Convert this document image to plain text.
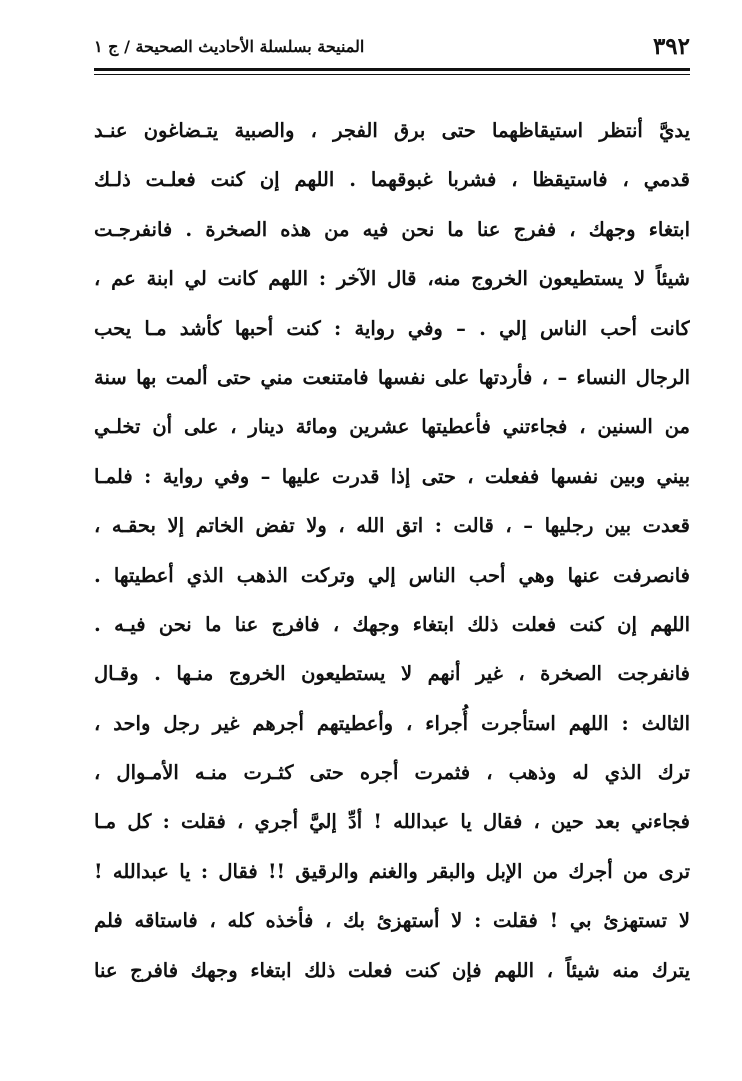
٣٩٢
المنيحة بسلسلة الأحاديث الصحيحة / ج ١
يديَّ أنتظر استيقاظهما حتى برق الفجر ، والصبية يتـضاغون عنـد
قدمي ، فاستيقظا ، فشربا غبوقهما . اللهم إن كنت فعلـت ذلـك
ابتغاء وجهك ، ففرج عنا ما نحن فيه من هذه الصخرة . فانفرجـت
شيئاً لا يستطيعون الخروج منه، قال الآخر : اللهم كانت لي ابنة عم ،
كانت أحب الناس إلي . – وفي رواية : كنت أحبها كأشد مـا يحب
الرجال النساء – ، فأردتها على نفسها فامتنعت مني حتى ألمت بها سنة
من السنين ، فجاءتني فأعطيتها عشرين ومائة دينار ، على أن تخلـي
بيني وبين نفسها ففعلت ، حتى إذا قدرت عليها – وفي رواية : فلمـا
قعدت بين رجليها – ، قالت : اتق الله ، ولا تفض الخاتم إلا بحقـه ،
فانصرفت عنها وهي أحب الناس إلي وتركت الذهب الذي أعطيتها .
اللهم إن كنت فعلت ذلك ابتغاء وجهك ، فافرج عنا ما نحن فيـه .
فانفرجت الصخرة ، غير أنهم لا يستطيعون الخروج منـها . وقـال
الثالث : اللهم استأجرت أُجراء ، وأعطيتهم أجرهم غير رجل واحد ،
ترك الذي له وذهب ، فثمرت أجره حتى كثـرت منـه الأمـوال ،
فجاءني بعد حين ، فقال يا عبدالله ! أدِّ إليَّ أجري ، فقلت : كل مـا
ترى من أجرك من الإبل والبقر والغنم والرقيق !! فقال : يا عبدالله !
لا تستهزئ بي ! فقلت : لا أستهزئ بك ، فأخذه كله ، فاستاقه فلم
يترك منه شيئاً ، اللهم فإن كنت فعلت ذلك ابتغاء وجهك فافرج عنا
